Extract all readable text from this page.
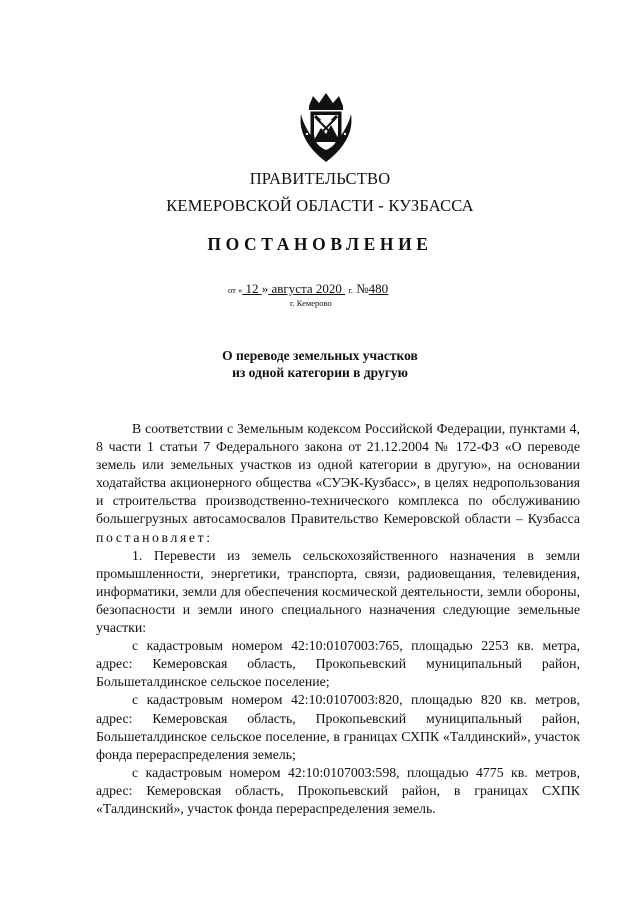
ПРАВИТЕЛЬСТВО
КЕМЕРОВСКОЙ ОБЛАСТИ - КУЗБАССА
ПОСТАНОВЛЕНИЕ
от « 12 » августа 2020 г. №480
г. Кемерово
О переводе земельных участков
из одной категории в другую

В соответствии с Земельным кодексом Российской Федерации, пунктами 4, 8 части 1 статьи 7 Федерального закона от 21.12.2004 № 172-ФЗ «О переводе земель или земельных участков из одной категории в другую», на основании ходатайства акционерного общества «СУЭК-Кузбасс», в целях недропользования и строительства производственно-технического комплекса по обслуживанию большегрузных автосамосвалов Правительство Кемеровской области – Кузбасса постановляет:

1. Перевести из земель сельскохозяйственного назначения в земли промышленности, энергетики, транспорта, связи, радиовещания, телевидения, информатики, земли для обеспечения космической деятельности, земли обороны, безопасности и земли иного специального назначения следующие земельные участки:

с кадастровым номером 42:10:0107003:765, площадью 2253 кв. метра, адрес: Кемеровская область, Прокопьевский муниципальный район, Большеталдинское сельское поселение;

с кадастровым номером 42:10:0107003:820, площадью 820 кв. метров, адрес: Кемеровская область, Прокопьевский муниципальный район, Большеталдинское сельское поселение, в границах СХПК «Талдинский», участок фонда перераспределения земель;

с кадастровым номером 42:10:0107003:598, площадью 4775 кв. метров, адрес: Кемеровская область, Прокопьевский район, в границах СХПК «Талдинский», участок фонда перераспределения земель.
